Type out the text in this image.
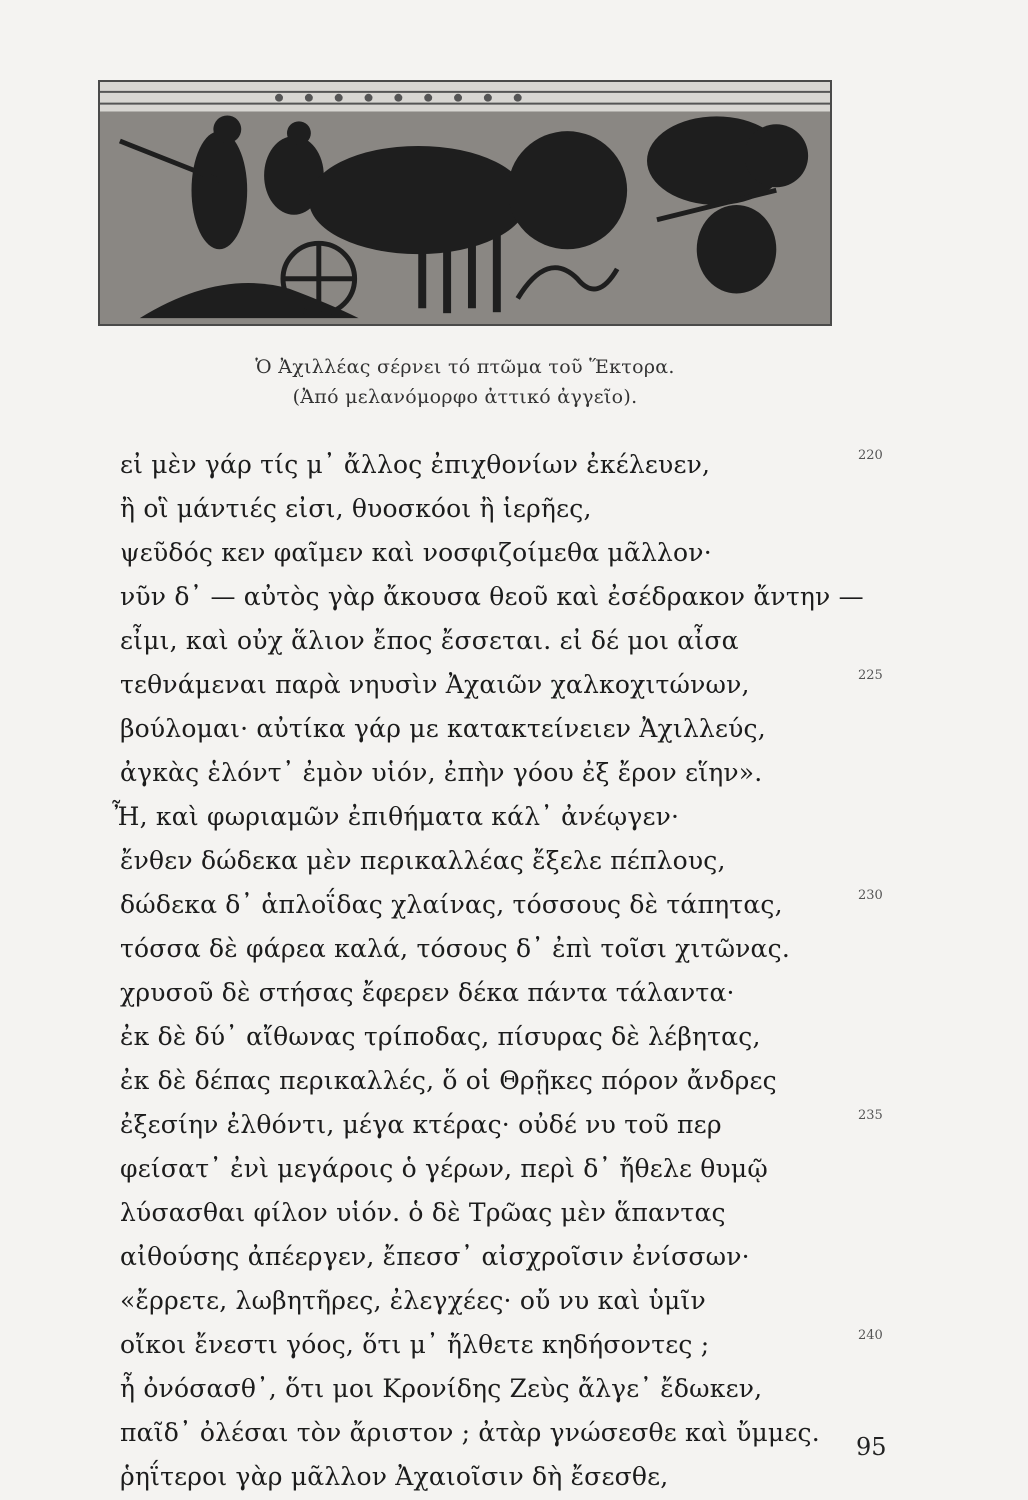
Ὁ Ἀχιλλέας σέρνει τό πτῶμα τοῦ Ἕκτορα.
(Ἀπό μελανόμορφο ἀττικό ἀγγεῖο).
εἰ μὲν γάρ τίς μ᾽ ἄλλος ἐπιχθονίων ἐκέλευεν,	220
ἢ οἳ μάντιές εἰσι, θυοσκόοι ἢ ἱερῆες,
ψεῦδός κεν φαῖμεν καὶ νοσφιζοίμεθα μᾶλλον·
νῦν δ᾽ — αὐτὸς γὰρ ἄκουσα θεοῦ καὶ ἐσέδρακον ἄντην —
εἶμι, καὶ οὐχ ἅλιον ἔπος ἔσσεται. εἰ δέ μοι αἶσα
τεθνάμεναι παρὰ νηυσὶν Ἀχαιῶν χαλκοχιτώνων,	225
βούλομαι· αὐτίκα γάρ με κατακτείνειεν Ἀχιλλεύς,
ἀγκὰς ἑλόντ᾽ ἐμὸν υἱόν, ἐπὴν γόου ἐξ ἔρον εἵην».
Ἦ, καὶ φωριαμῶν ἐπιθήματα κάλ᾽ ἀνέῳγεν·
ἔνθεν δώδεκα μὲν περικαλλέας ἔξελε πέπλους,
δώδεκα δ᾽ ἁπλοΐδας χλαίνας, τόσσους δὲ τάπητας,	230
τόσσα δὲ φάρεα καλά, τόσους δ᾽ ἐπὶ τοῖσι χιτῶνας.
χρυσοῦ δὲ στήσας ἔφερεν δέκα πάντα τάλαντα·
ἐκ δὲ δύ᾽ αἴθωνας τρίποδας, πίσυρας δὲ λέβητας,
ἐκ δὲ δέπας περικαλλές, ὅ οἱ Θρῇκες πόρον ἄνδρες
ἐξεσίην ἐλθόντι, μέγα κτέρας· οὐδέ νυ τοῦ περ	235
φείσατ᾽ ἐνὶ μεγάροις ὁ γέρων, περὶ δ᾽ ἤθελε θυμῷ
λύσασθαι φίλον υἱόν. ὁ δὲ Τρῶας μὲν ἅπαντας
αἰθούσης ἀπέεργεν, ἔπεσσ᾽ αἰσχροῖσιν ἐνίσσων·
«ἔρρετε, λωβητῆρες, ἐλεγχέες· οὔ νυ καὶ ὑμῖν
οἴκοι ἔνεστι γόος, ὅτι μ᾽ ἤλθετε κηδήσοντες ;	240
ἦ ὀνόσασθ᾽, ὅτι μοι Κρονίδης Ζεὺς ἄλγε᾽ ἔδωκεν,
παῖδ᾽ ὀλέσαι τὸν ἄριστον ; ἀτὰρ γνώσεσθε καὶ ὔμμες.
ῥηΐτεροι γὰρ μᾶλλον Ἀχαιοῖσιν δὴ ἔσεσθε,
95
